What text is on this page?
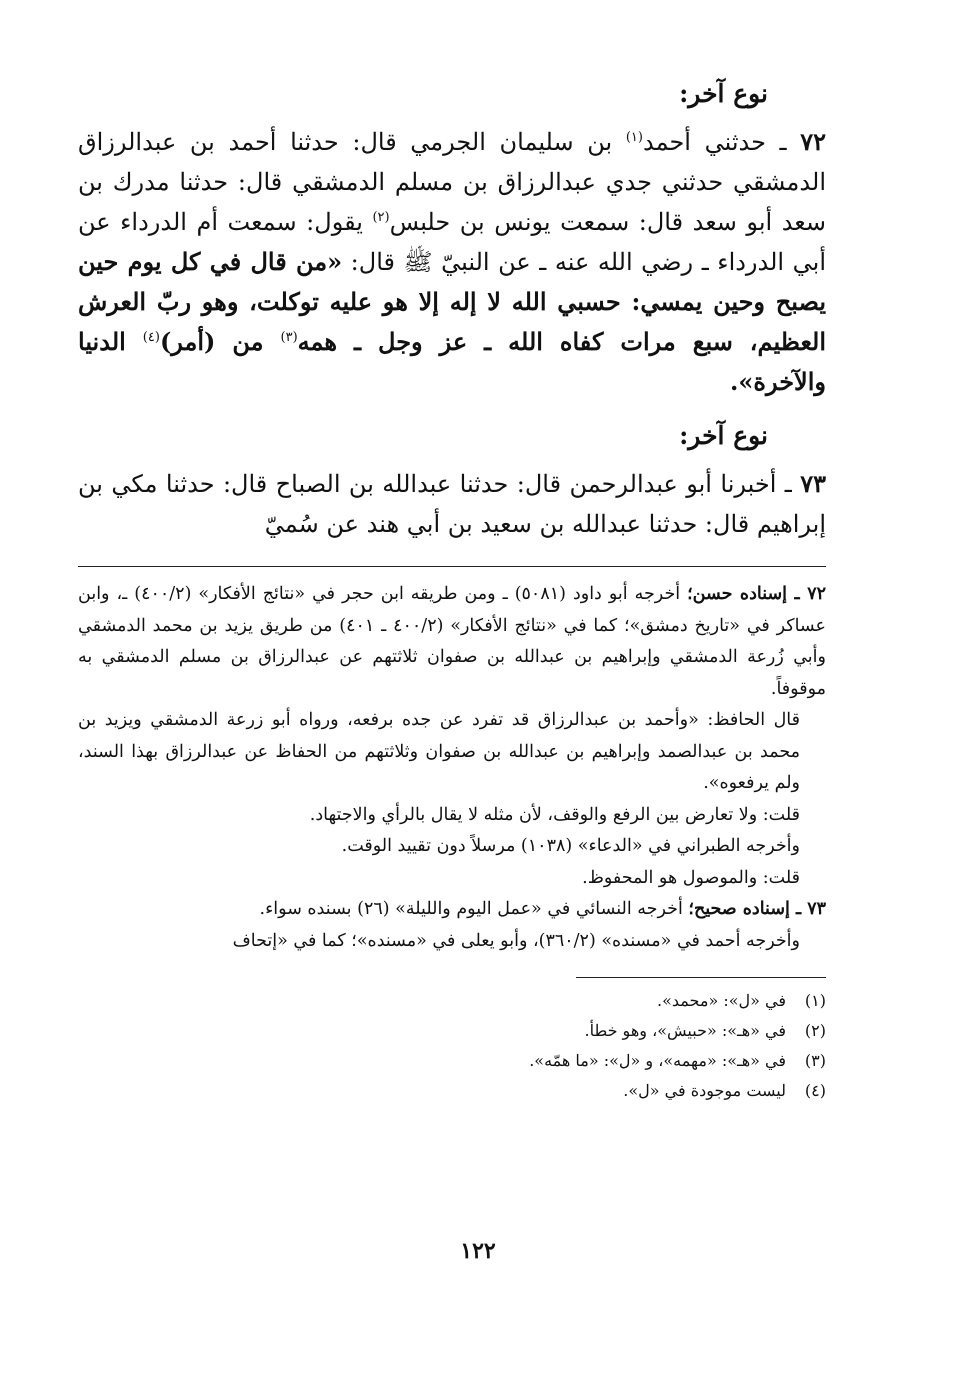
نوع آخر:

٧٢ ـ حدثني أحمد$^{(١)}$ بن سليمان الجرمي قال: حدثنا أحمد بن عبدالرزاق الدمشقي حدثني جدي عبدالرزاق بن مسلم الدمشقي قال: حدثنا مدرك بن سعد أبو سعد قال: سمعت يونس بن حلبس$^{(٢)}$ يقول: سمعت أم الدرداء عن أبي الدرداء ـ رضي الله عنه ـ عن النبيّ ﷺ قال: «من قال في كل يوم حين يصبح وحين يمسي: حسبي الله لا إله إلا هو عليه توكلت، وهو ربّ العرش العظيم، سبع مرات كفاه الله ـ عز وجل ـ همه$^{(٣)}$ من (أمر)$^{(٤)}$ الدنيا والآخرة».

نوع آخر:

٧٣ ـ أخبرنا أبو عبدالرحمن قال: حدثنا عبدالله بن الصباح قال: حدثنا مكي بن إبراهيم قال: حدثنا عبدالله بن سعيد بن أبي هند عن سُميّ

٧٢ ـ إسناده حسن؛ أخرجه أبو داود (٥٠٨١) ـ ومن طريقه ابن حجر في «نتائج الأفكار» (٤٠٠/٢) ـ، وابن عساكر في «تاريخ دمشق»؛ كما في «نتائج الأفكار» (٤٠٠/٢ ـ ٤٠١) من طريق يزيد بن محمد الدمشقي وأبي زُرعة الدمشقي وإبراهيم بن عبدالله بن صفوان ثلاثتهم عن عبدالرزاق بن مسلم الدمشقي به موقوفاً.

قال الحافظ: «وأحمد بن عبدالرزاق قد تفرد عن جده برفعه، ورواه أبو زرعة الدمشقي ويزيد بن محمد بن عبدالصمد وإبراهيم بن عبدالله بن صفوان وثلاثتهم من الحفاظ عن عبدالرزاق بهذا السند، ولم يرفعوه».

قلت: ولا تعارض بين الرفع والوقف، لأن مثله لا يقال بالرأي والاجتهاد.

وأخرجه الطبراني في «الدعاء» (١٠٣٨) مرسلاً دون تقييد الوقت.

قلت: والموصول هو المحفوظ.

٧٣ ـ إسناده صحيح؛ أخرجه النسائي في «عمل اليوم والليلة» (٢٦) بسنده سواء.

وأخرجه أحمد في «مسنده» (٣٦٠/٢)، وأبو يعلى في «مسنده»؛ كما في «إتحاف

(١)
في «ل»: «محمد».
(٢)
في «هـ»: «حبيش»، وهو خطأ.
(٣)
في «هـ»: «مهمه»، و «ل»: «ما همّه».
(٤)
ليست موجودة في «ل».
١٢٢
